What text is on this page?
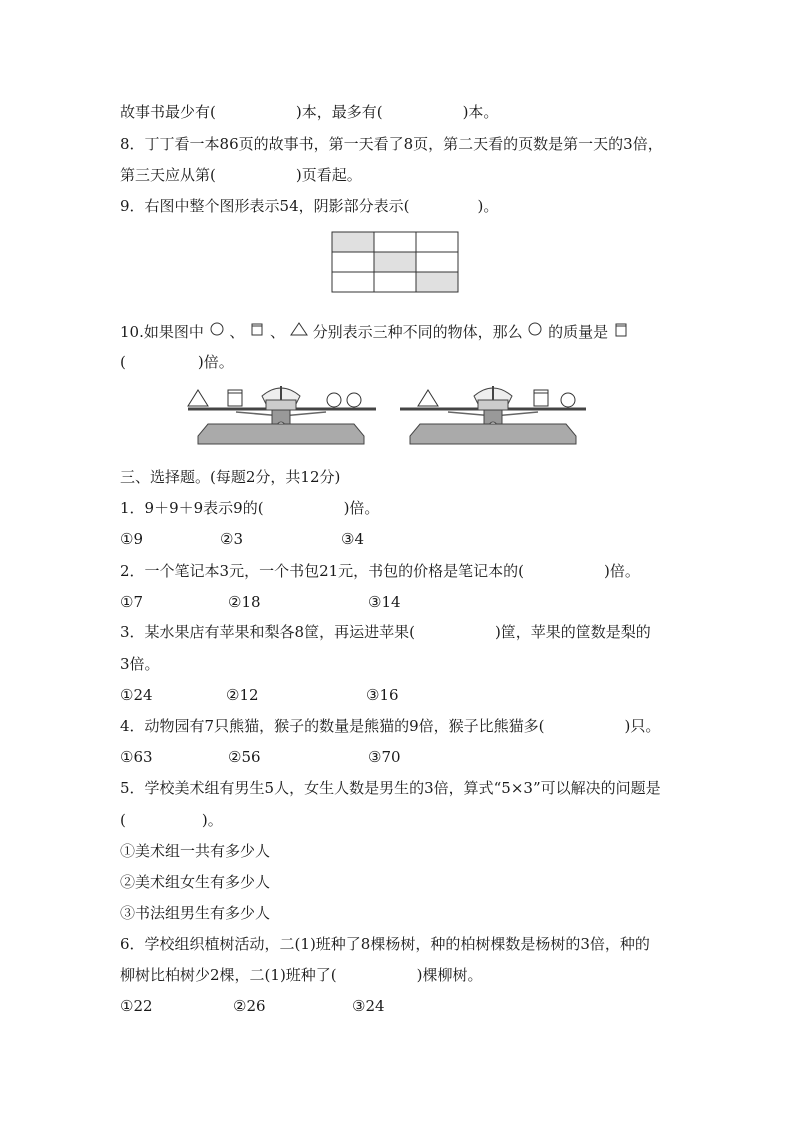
故事书最少有(	)本，最多有(	)本。
8．丁丁看一本86页的故事书，第一天看了8页，第二天看的页数是第一天的3倍，
第三天应从第(	)页看起。
9．右图中整个图形表示54，阴影部分表示(	)。
10.如果图中 、 、 分别表示三种不同的物体，那么 的质量是
(	)倍。
三、选择题。(每题2分，共12分)
1．9＋9＋9表示9的(	)倍。
①9	②3	③4
2．一个笔记本3元，一个书包21元，书包的价格是笔记本的(	)倍。
①7	②18	③14
3．某水果店有苹果和梨各8筐，再运进苹果(	)筐，苹果的筐数是梨的
3倍。
①24	②12	③16
4．动物园有7只熊猫，猴子的数量是熊猫的9倍，猴子比熊猫多(	)只。
①63	②56	③70
5．学校美术组有男生5人，女生人数是男生的3倍，算式“5×3”可以解决的问题是
(	)。
①美术组一共有多少人
②美术组女生有多少人
③书法组男生有多少人
6．学校组织植树活动，二(1)班种了8棵杨树，种的柏树棵数是杨树的3倍，种的
柳树比柏树少2棵，二(1)班种了(	)棵柳树。
①22	②26	③24
